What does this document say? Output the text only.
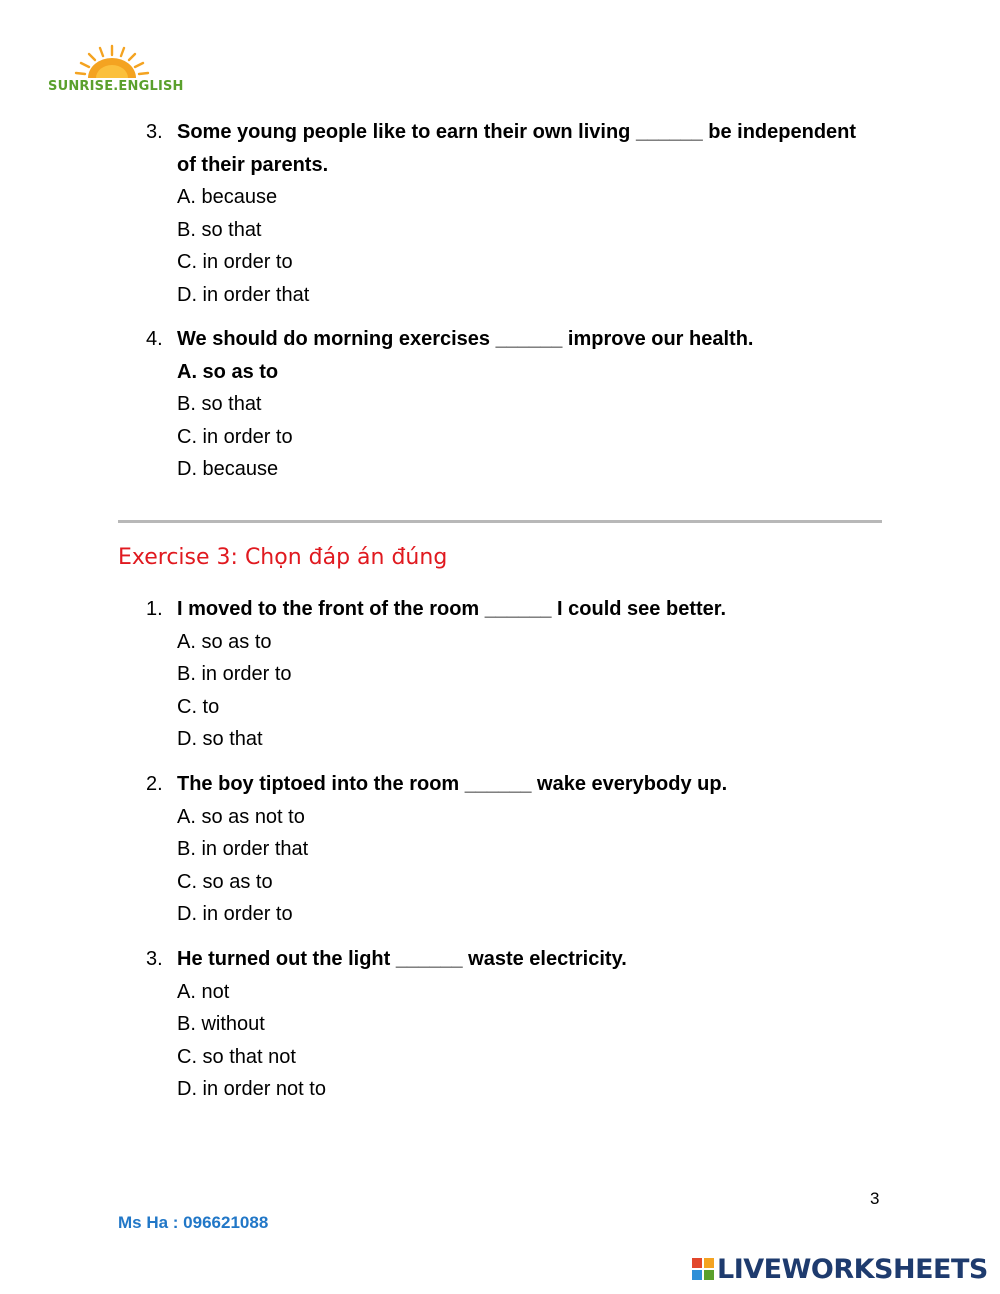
SUNRISE.ENGLISH
3. Some young people like to earn their own living ______ be independent
of their parents.
A. because
B. so that
C. in order to
D. in order that
4. We should do morning exercises ______ improve our health.
A. so as to
B. so that
C. in order to
D. because
Exercise 3: Chọn đáp án đúng
1. I moved to the front of the room ______ I could see better.
A. so as to
B. in order to
C. to
D. so that
2. The boy tiptoed into the room ______ wake everybody up.
A. so as not to
B. in order that
C. so as to
D. in order to
3. He turned out the light ______ waste electricity.
A. not
B. without
C. so that not
D. in order not to
3
Ms Ha : 096621088
LIVEWORKSHEETS
